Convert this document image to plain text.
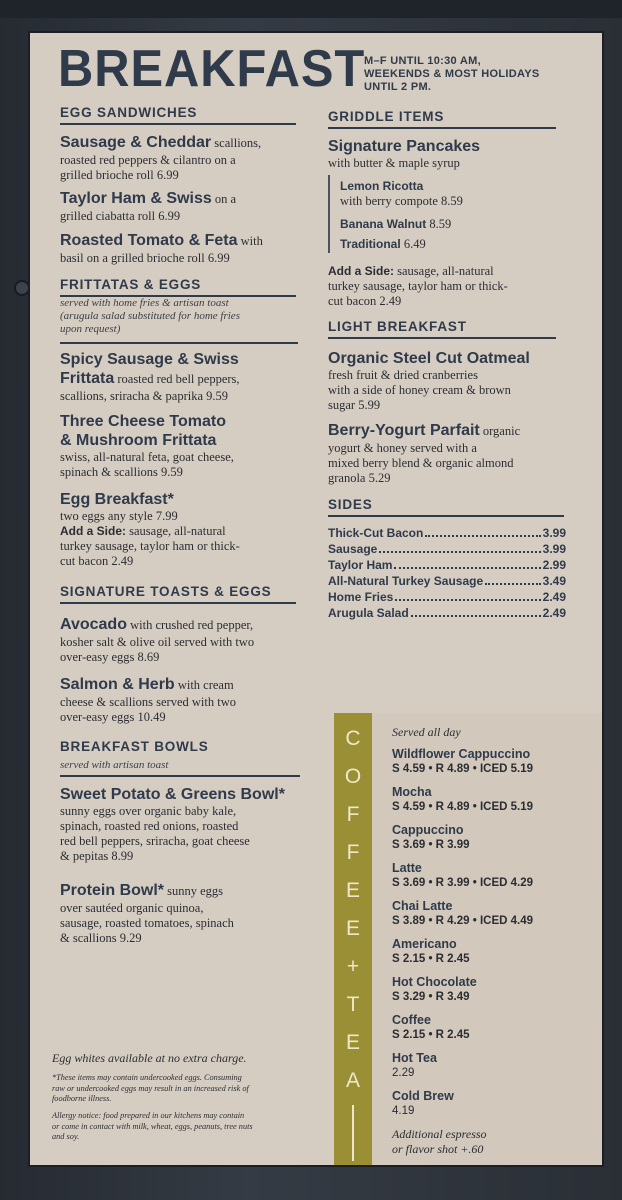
BREAKFAST
M–F UNTIL 10:30 AM,
WEEKENDS & MOST HOLIDAYS
UNTIL 2 PM.
EGG SANDWICHES
Sausage & Cheddar scallions,
roasted red peppers & cilantro on a
grilled brioche roll 6.99
Taylor Ham & Swiss on a
grilled ciabatta roll 6.99
Roasted Tomato & Feta with
basil on a grilled brioche roll 6.99
FRITTATAS & EGGS
served with home fries & artisan toast
(arugula salad substituted for home fries
upon request)
Spicy Sausage & Swiss
Frittata roasted red bell peppers,
scallions, sriracha & paprika 9.59
Three Cheese Tomato
& Mushroom Frittata
swiss, all-natural feta, goat cheese,
spinach & scallions 9.59
Egg Breakfast*
two eggs any style 7.99
Add a Side: sausage, all-natural
turkey sausage, taylor ham or thick-
cut bacon 2.49
SIGNATURE TOASTS & EGGS
Avocado with crushed red pepper,
kosher salt & olive oil served with two
over-easy eggs 8.69
Salmon & Herb with cream
cheese & scallions served with two
over-easy eggs 10.49
BREAKFAST BOWLS
served with artisan toast
Sweet Potato & Greens Bowl*
sunny eggs over organic baby kale,
spinach, roasted red onions, roasted
red bell peppers, sriracha, goat cheese
& pepitas 8.99
Protein Bowl* sunny eggs
over sautéed organic quinoa,
sausage, roasted tomatoes, spinach
& scallions 9.29
Egg whites available at no extra charge.
*These items may contain undercooked eggs. Consuming
raw or undercooked eggs may result in an increased risk of
foodborne illness.
Allergy notice: food prepared in our kitchens may contain
or come in contact with milk, wheat, eggs, peanuts, tree nuts
and soy.
GRIDDLE ITEMS
Signature Pancakes
with butter & maple syrup
Lemon Ricotta
with berry compote 8.59
Banana Walnut 8.59
Traditional 6.49
Add a Side: sausage, all-natural
turkey sausage, taylor ham or thick-
cut bacon 2.49
LIGHT BREAKFAST
Organic Steel Cut Oatmeal
fresh fruit & dried cranberries
with a side of honey cream & brown
sugar 5.99
Berry-Yogurt Parfait organic
yogurt & honey served with a
mixed berry blend & organic almond
granola 5.29
SIDES
Thick-Cut Bacon	3.99
Sausage	3.99
Taylor Ham	2.99
All-Natural Turkey Sausage	3.49
Home Fries	2.49
Arugula Salad	2.49
C
O
F
F
E
E
+
T
E
A
Served all day
Wildflower Cappuccino
S 4.59 • R 4.89 • ICED 5.19
Mocha
S 4.59 • R 4.89 • ICED 5.19
Cappuccino
S 3.69 • R 3.99
Latte
S 3.69 • R 3.99 • ICED 4.29
Chai Latte
S 3.89 • R 4.29 • ICED 4.49
Americano
S 2.15 • R 2.45
Hot Chocolate
S 3.29 • R 3.49
Coffee
S 2.15 • R 2.45
Hot Tea
2.29
Cold Brew
4.19
Additional espresso
or flavor shot +.60
